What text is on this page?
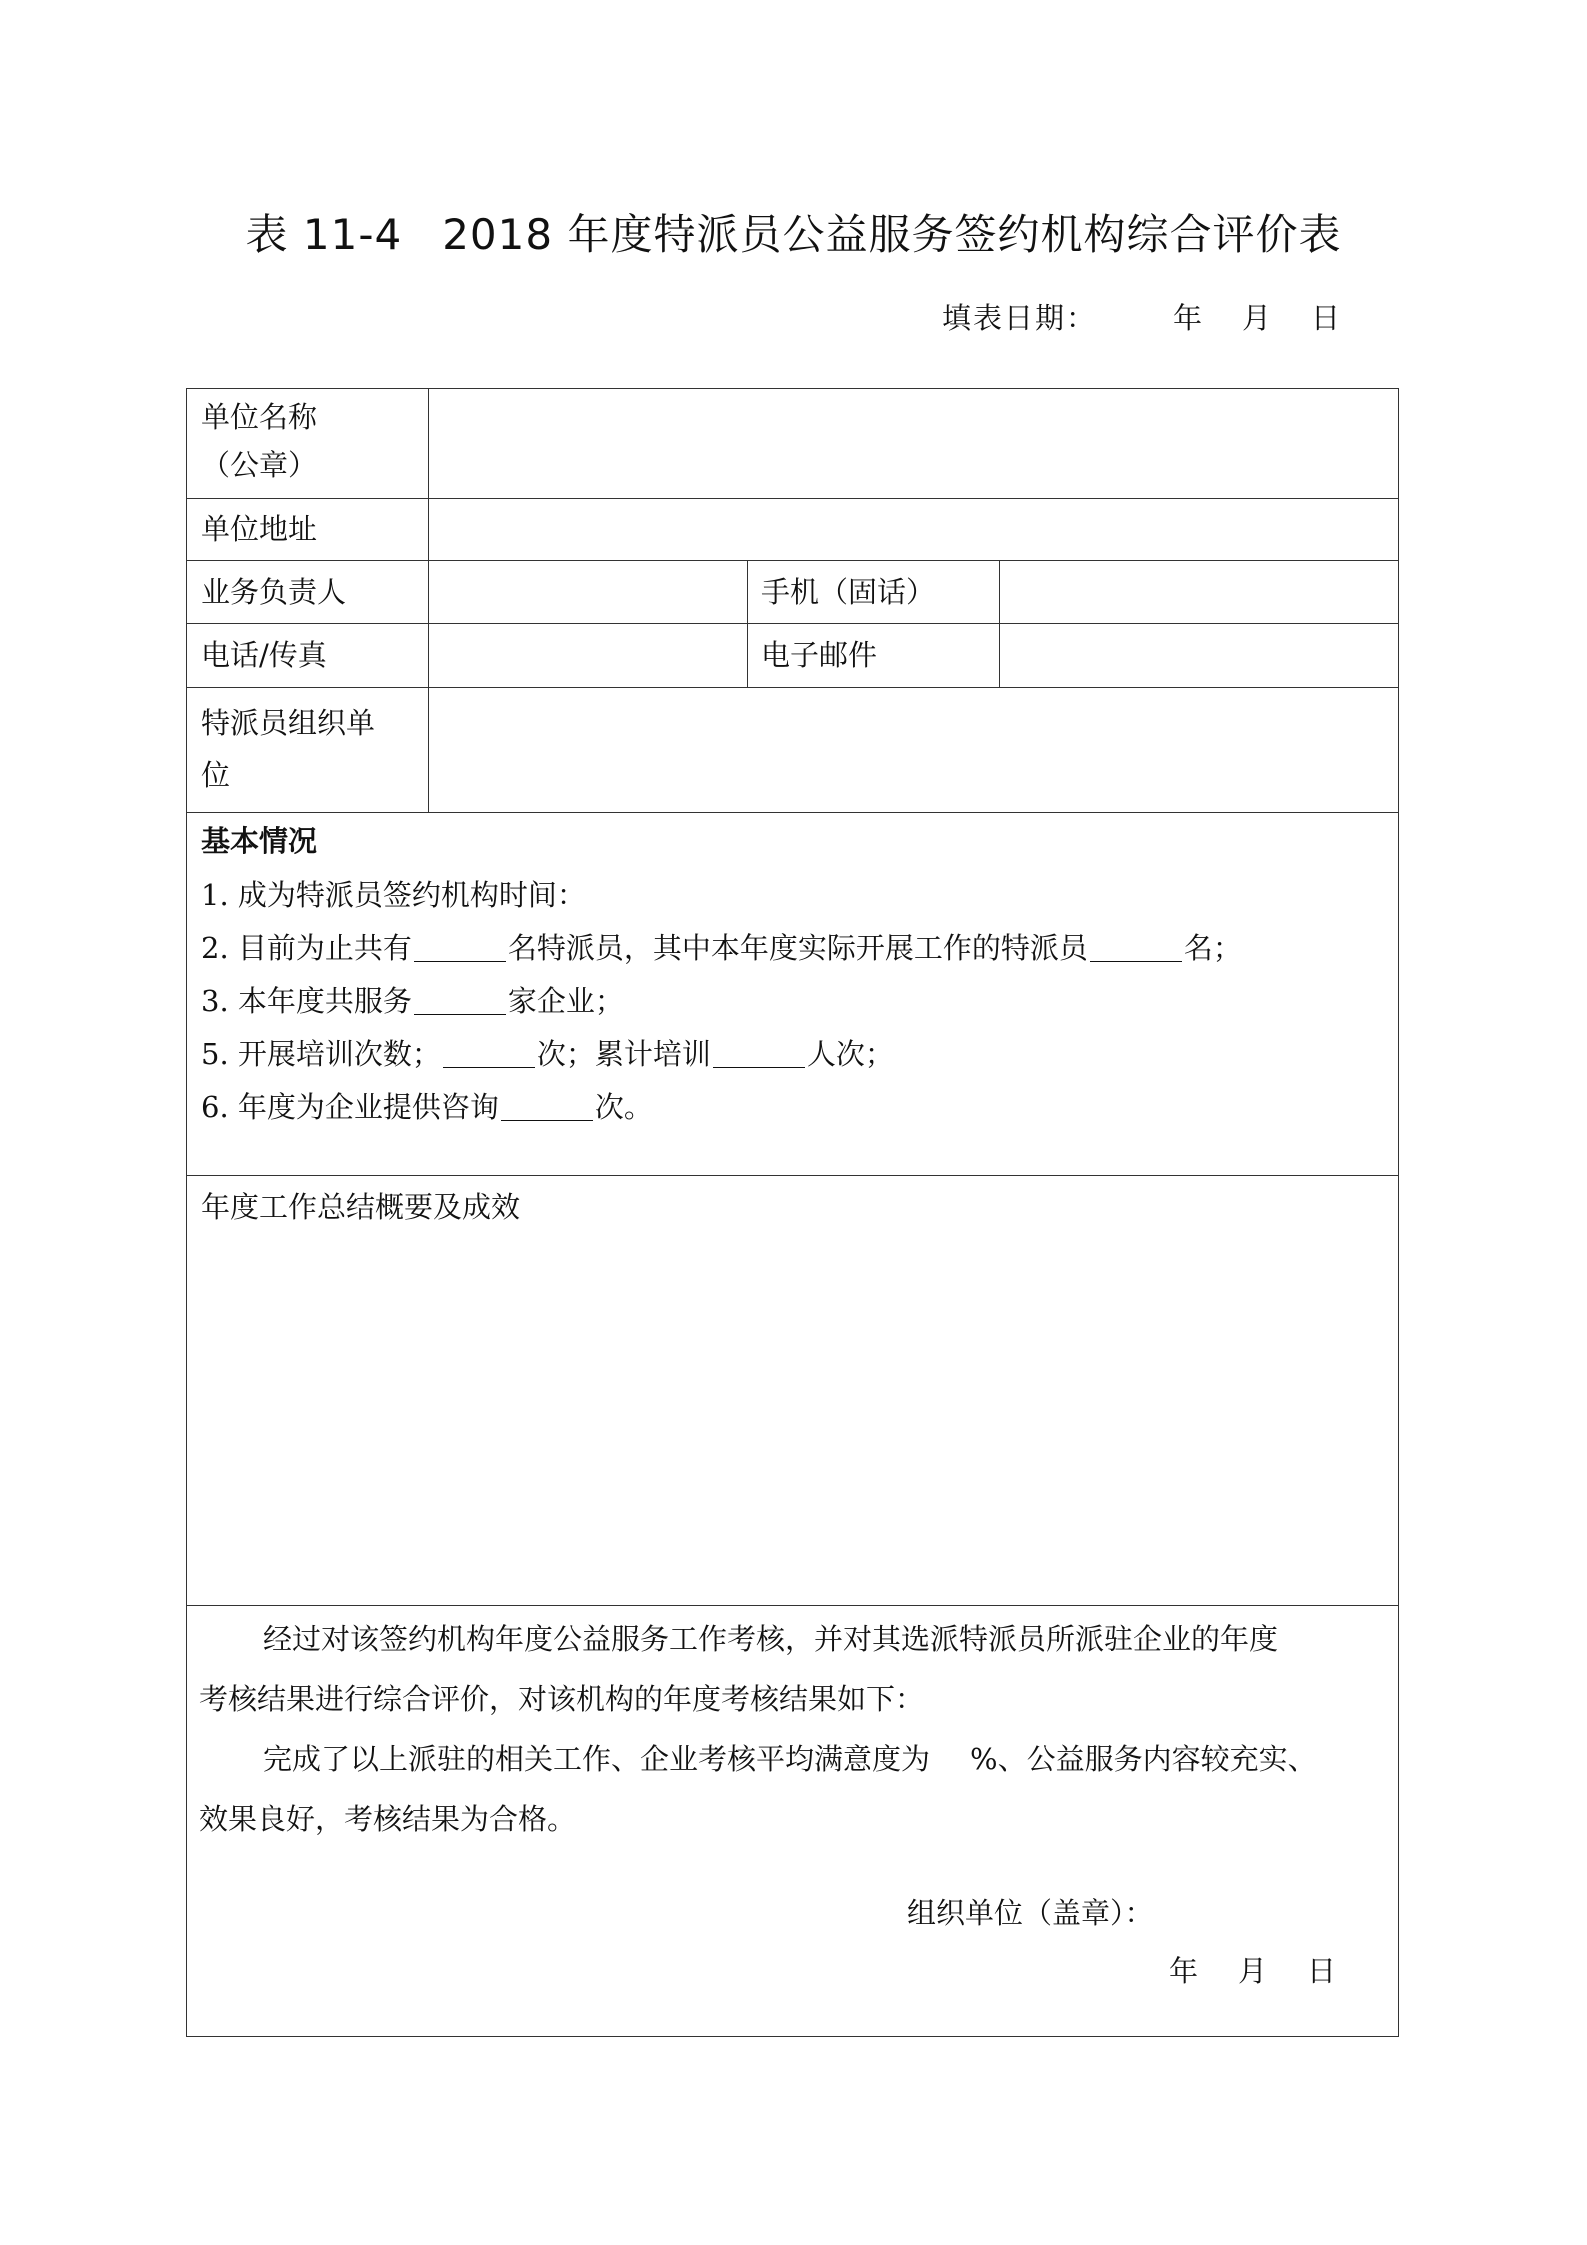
表 11-4 2018 年度特派员公益服务签约机构综合评价表
填表日期：	年 月 日
单位名称
（公章）
单位地址
业务负责人	手机（固话）
电话/传真	电子邮件
特派员组织单
位
基本情况
1. 成为特派员签约机构时间：
2. 目前为止共有	名特派员，其中本年度实际开展工作的特派员	名；
3. 本年度共服务	家企业；
5. 开展培训次数；	次；累计培训	人次；
6. 年度为企业提供咨询	次。
年度工作总结概要及成效
经过对该签约机构年度公益服务工作考核，并对其选派特派员所派驻企业的年度
考核结果进行综合评价，对该机构的年度考核结果如下：
完成了以上派驻的相关工作、企业考核平均满意度为 %、公益服务内容较充实、
效果良好，考核结果为合格。
组织单位（盖章）：
年 月 日
